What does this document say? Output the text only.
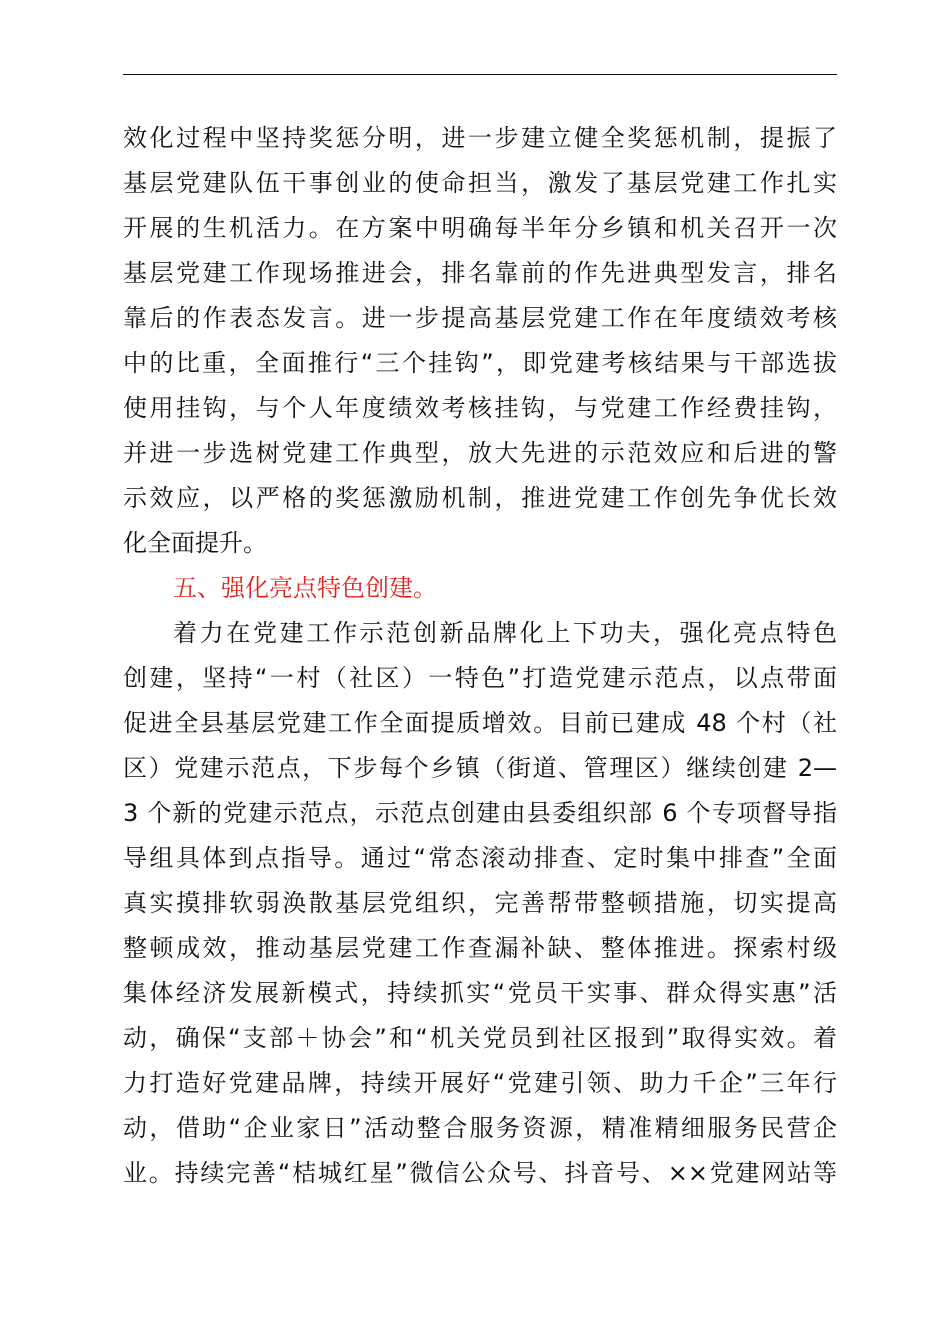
效化过程中坚持奖惩分明，进一步建立健全奖惩机制，提振了
基层党建队伍干事创业的使命担当，激发了基层党建工作扎实
开展的生机活力。在方案中明确每半年分乡镇和机关召开一次
基层党建工作现场推进会，排名靠前的作先进典型发言，排名
靠后的作表态发言。进一步提高基层党建工作在年度绩效考核
中的比重，全面推行“三个挂钩”，即党建考核结果与干部选拔
使用挂钩，与个人年度绩效考核挂钩，与党建工作经费挂钩，
并进一步选树党建工作典型，放大先进的示范效应和后进的警
示效应，以严格的奖惩激励机制，推进党建工作创先争优长效
化全面提升。
五、强化亮点特色创建。
着力在党建工作示范创新品牌化上下功夫，强化亮点特色
创建，坚持“一村（社区）一特色”打造党建示范点，以点带面
促进全县基层党建工作全面提质增效。目前已建成 48 个村（社
区）党建示范点，下步每个乡镇（街道、管理区）继续创建 2—
3 个新的党建示范点，示范点创建由县委组织部 6 个专项督导指
导组具体到点指导。通过“常态滚动排查、定时集中排查”全面
真实摸排软弱涣散基层党组织，完善帮带整顿措施，切实提高
整顿成效，推动基层党建工作查漏补缺、整体推进。探索村级
集体经济发展新模式，持续抓实“党员干实事、群众得实惠”活
动，确保“支部＋协会”和“机关党员到社区报到”取得实效。着
力打造好党建品牌，持续开展好“党建引领、助力千企”三年行
动，借助“企业家日”活动整合服务资源，精准精细服务民营企
业。持续完善“桔城红星”微信公众号、抖音号、××党建网站等
